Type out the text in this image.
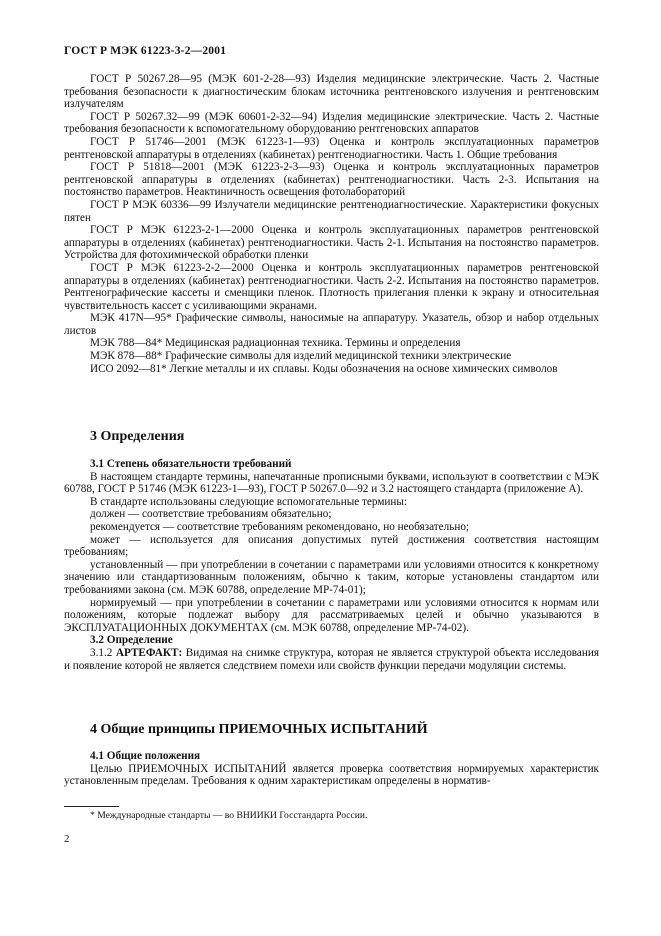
ГОСТ Р МЭК 61223-3-2—2001

ГОСТ Р 50267.28—95 (МЭК 601-2-28—93) Изделия медицинские электрические. Часть 2. Частные требования безопасности к диагностическим блокам источника рентгеновского излучения и рентгеновским излучателям

ГОСТ Р 50267.32—99 (МЭК 60601-2-32—94) Изделия медицинские электрические. Часть 2. Частные требования безопасности к вспомогательному оборудованию рентгеновских аппаратов

ГОСТ Р 51746—2001 (МЭК 61223-1—93) Оценка и контроль эксплуатационных параметров рентгеновской аппаратуры в отделениях (кабинетах) рентгенодиагностики. Часть 1. Общие требования

ГОСТ Р 51818—2001 (МЭК 61223-2-3—93) Оценка и контроль эксплуатационных параметров рентгеновской аппаратуры в отделениях (кабинетах) рентгенодиагностики. Часть 2-3. Испытания на постоянство параметров. Неактиничность освещения фотолабораторий

ГОСТ Р МЭК 60336—99 Излучатели медицинские рентгенодиагностические. Характеристики фокусных пятен

ГОСТ Р МЭК 61223-2-1—2000 Оценка и контроль эксплуатационных параметров рентгеновской аппаратуры в отделениях (кабинетах) рентгенодиагностики. Часть 2-1. Испытания на постоянство параметров. Устройства для фотохимической обработки пленки

ГОСТ Р МЭК 61223-2-2—2000 Оценка и контроль эксплуатационных параметров рентгеновской аппаратуры в отделениях (кабинетах) рентгенодиагностики. Часть 2-2. Испытания на постоянство параметров. Рентгенографические кассеты и сменщики пленок. Плотность прилегания пленки к экрану и относительная чувствительность кассет с усиливающими экранами.

МЭК 417N—95* Графические символы, наносимые на аппаратуру. Указатель, обзор и набор отдельных листов

МЭК 788—84* Медицинская радиационная техника. Термины и определения

МЭК 878—88* Графические символы для изделий медицинской техники электрические

ИСО 2092—81* Легкие металлы и их сплавы. Коды обозначения на основе химических символов

3 Определения

3.1 Степень обязательности требований

В настоящем стандарте термины, напечатанные прописными буквами, используют в соответствии с МЭК 60788, ГОСТ Р 51746 (МЭК 61223-1—93), ГОСТ Р 50267.0—92 и 3.2 настоящего стандарта (приложение А).

В стандарте использованы следующие вспомогательные термины:

должен — соответствие требованиям обязательно;

рекомендуется — соответствие требованиям рекомендовано, но необязательно;

может — используется для описания допустимых путей достижения соответствия настоящим требованиям;

установленный — при употреблении в сочетании с параметрами или условиями относится к конкретному значению или стандартизованным положениям, обычно к таким, которые установлены стандартом или требованиями закона (см. МЭК 60788, определение МР-74-01);

нормируемый — при употреблении в сочетании с параметрами или условиями относится к нормам или положениям, которые подлежат выбору для рассматриваемых целей и обычно указываются в ЭКСПЛУАТАЦИОННЫХ ДОКУМЕНТАХ (см. МЭК 60788, определение МР-74-02).

3.2 Определение

3.1.2 АРТЕФАКТ: Видимая на снимке структура, которая не является структурой объекта исследования и появление которой не является следствием помехи или свойств функции передачи модуляции системы.

4 Общие принципы ПРИЕМОЧНЫХ ИСПЫТАНИЙ

4.1 Общие положения

Целью ПРИЕМОЧНЫХ ИСПЫТАНИЙ является проверка соответствия нормируемых характеристик установленным пределам. Требования к одним характеристикам определены в норматив-

* Международные стандарты — во ВНИИКИ Госстандарта России.
2
